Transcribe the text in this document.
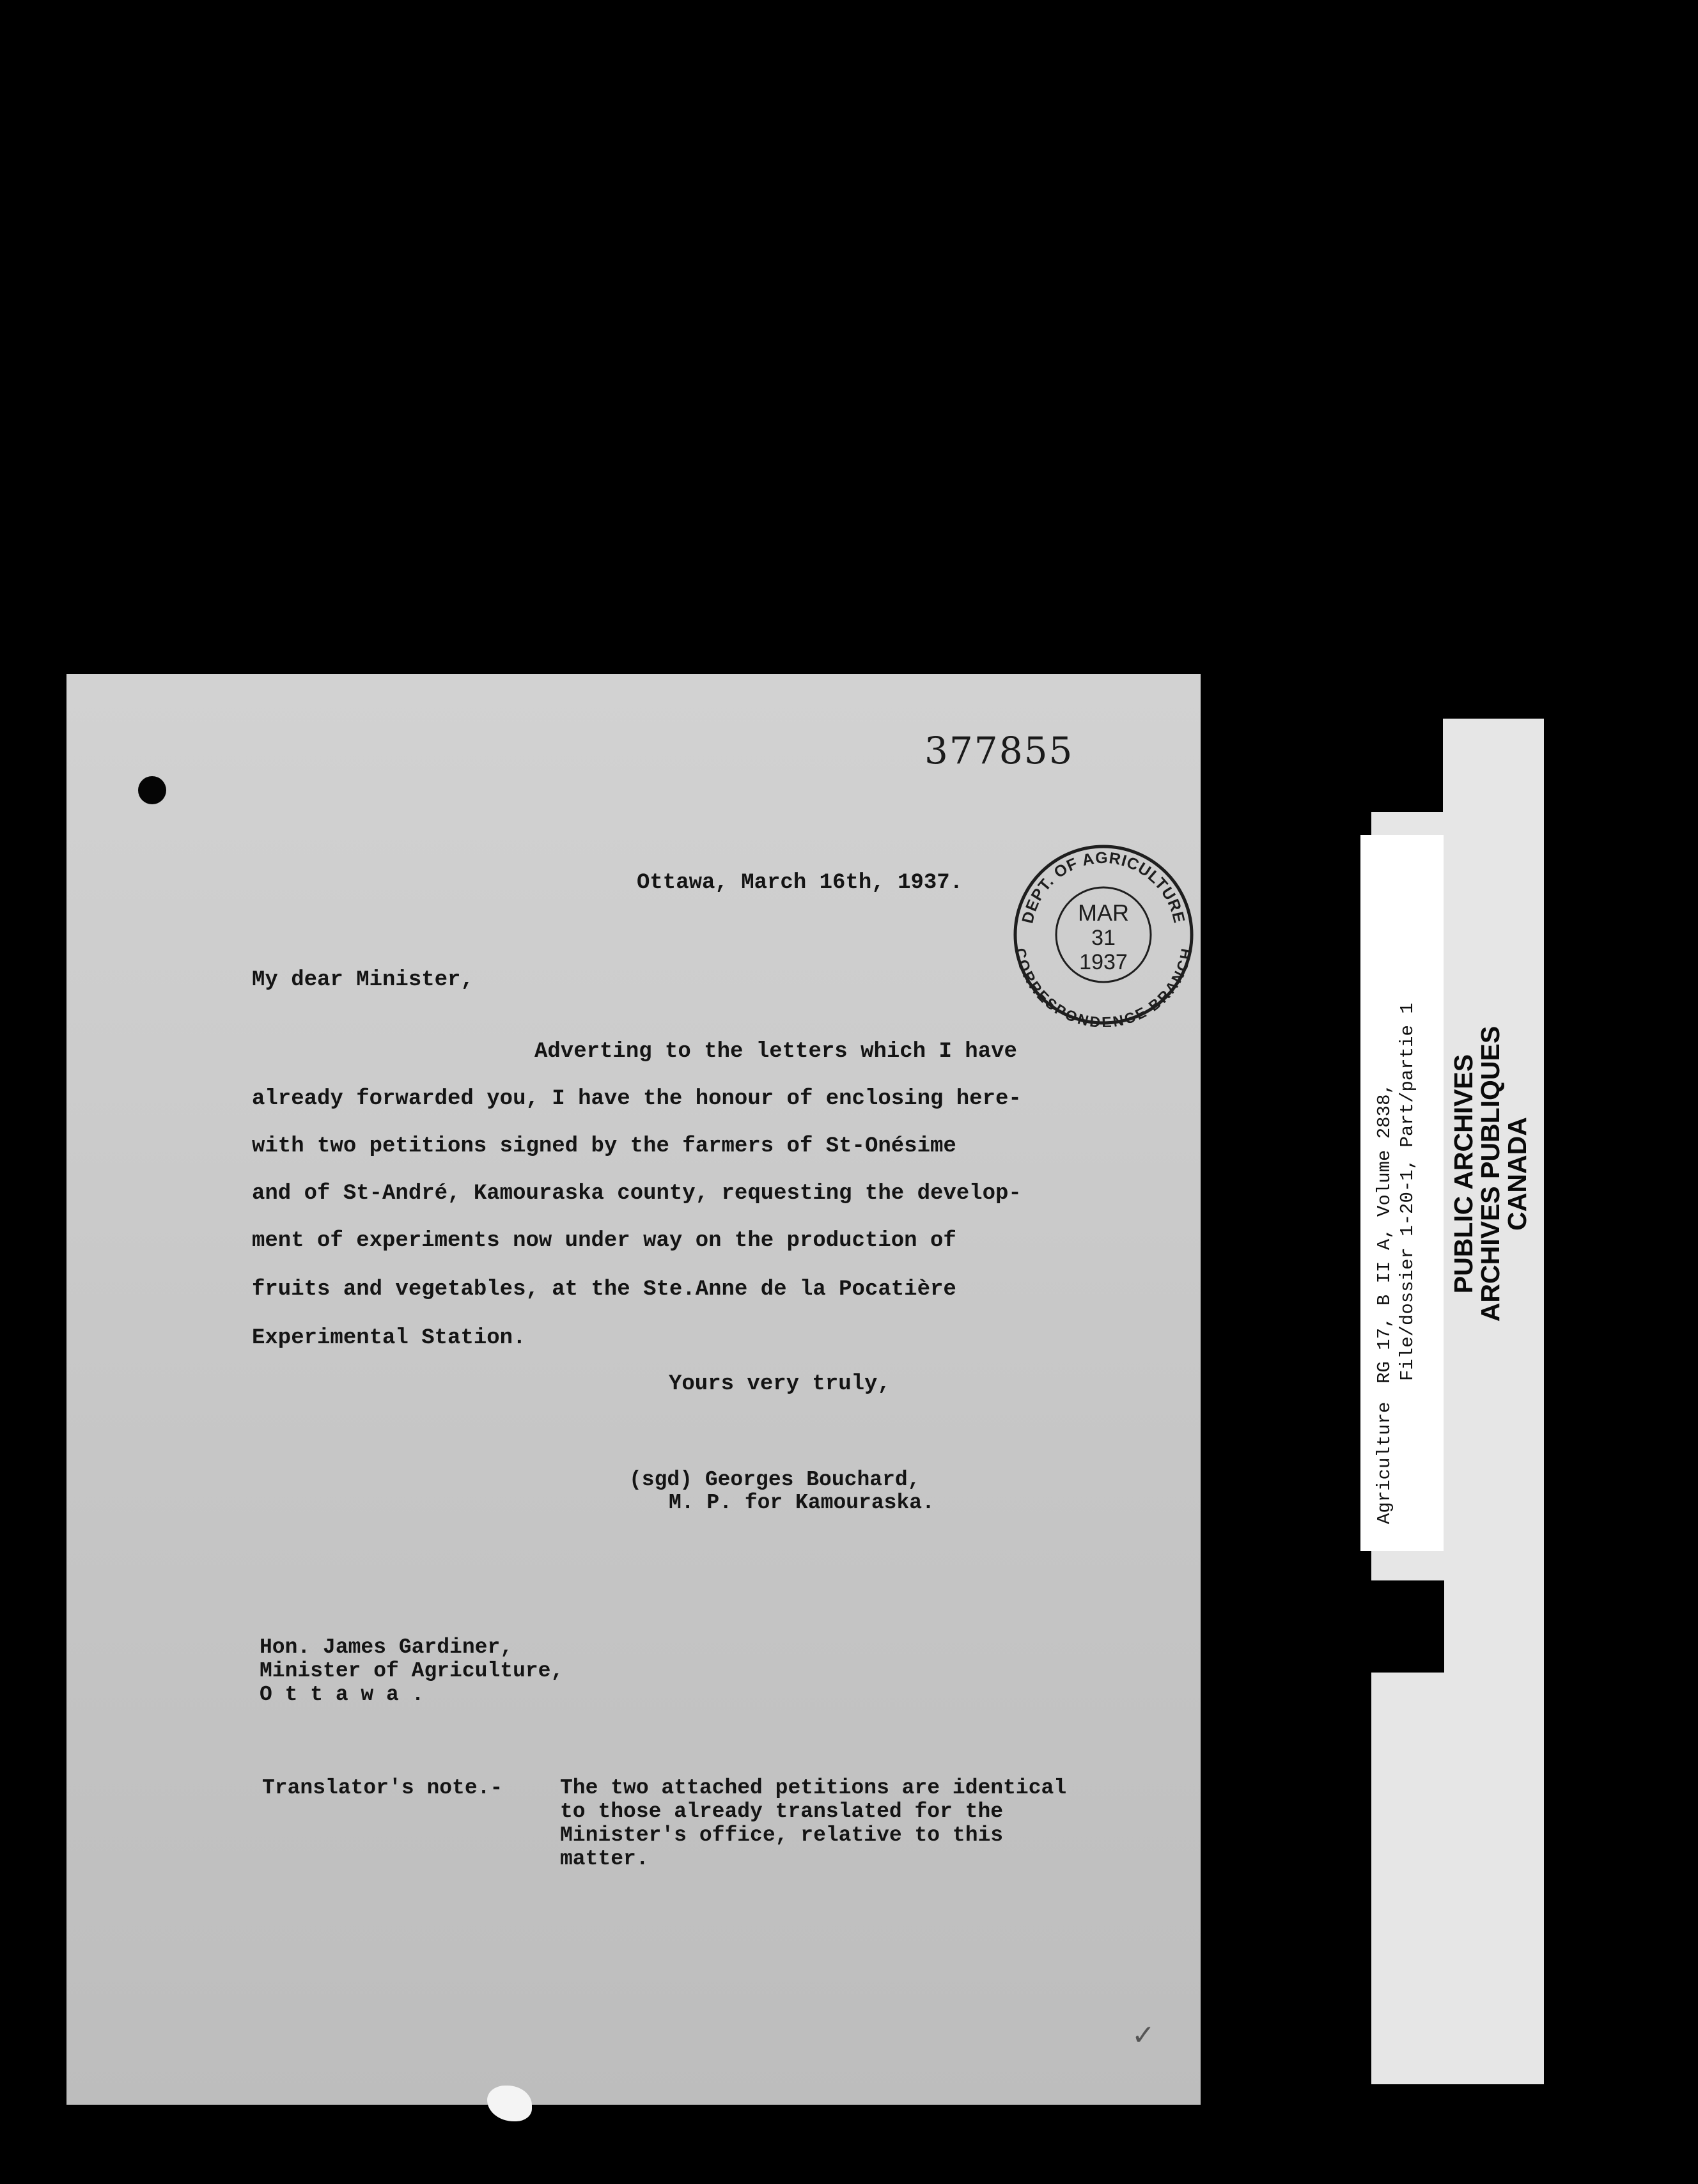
377855
Ottawa, March 16th, 1937.
DEPT. OF AGRICULTURE
CORRESPONDENCE BRANCH
MAR
31
1937
My dear Minister,
Adverting to the letters which I have
already forwarded you, I have the honour of enclosing here-
with two petitions signed by the farmers of St-Onésime
and of St-André, Kamouraska county, requesting the develop-
ment of experiments now under way on the production of
fruits and vegetables, at the Ste.Anne de la Pocatière
Experimental Station.
Yours very truly,
(sgd) Georges Bouchard,
M. P. for Kamouraska.
Hon. James Gardiner,
Minister of Agriculture,
O t t a w a .
Translator's note.-	The two attached petitions are identical
to those already translated for the
Minister's office, relative to this
matter.
✓
Agriculture
RG 17, B II A, Volume 2838, File/dossier 1-20-1, Part/partie 1 PUBLIC ARCHIVES
ARCHIVES PUBLIQUES
CANADA
